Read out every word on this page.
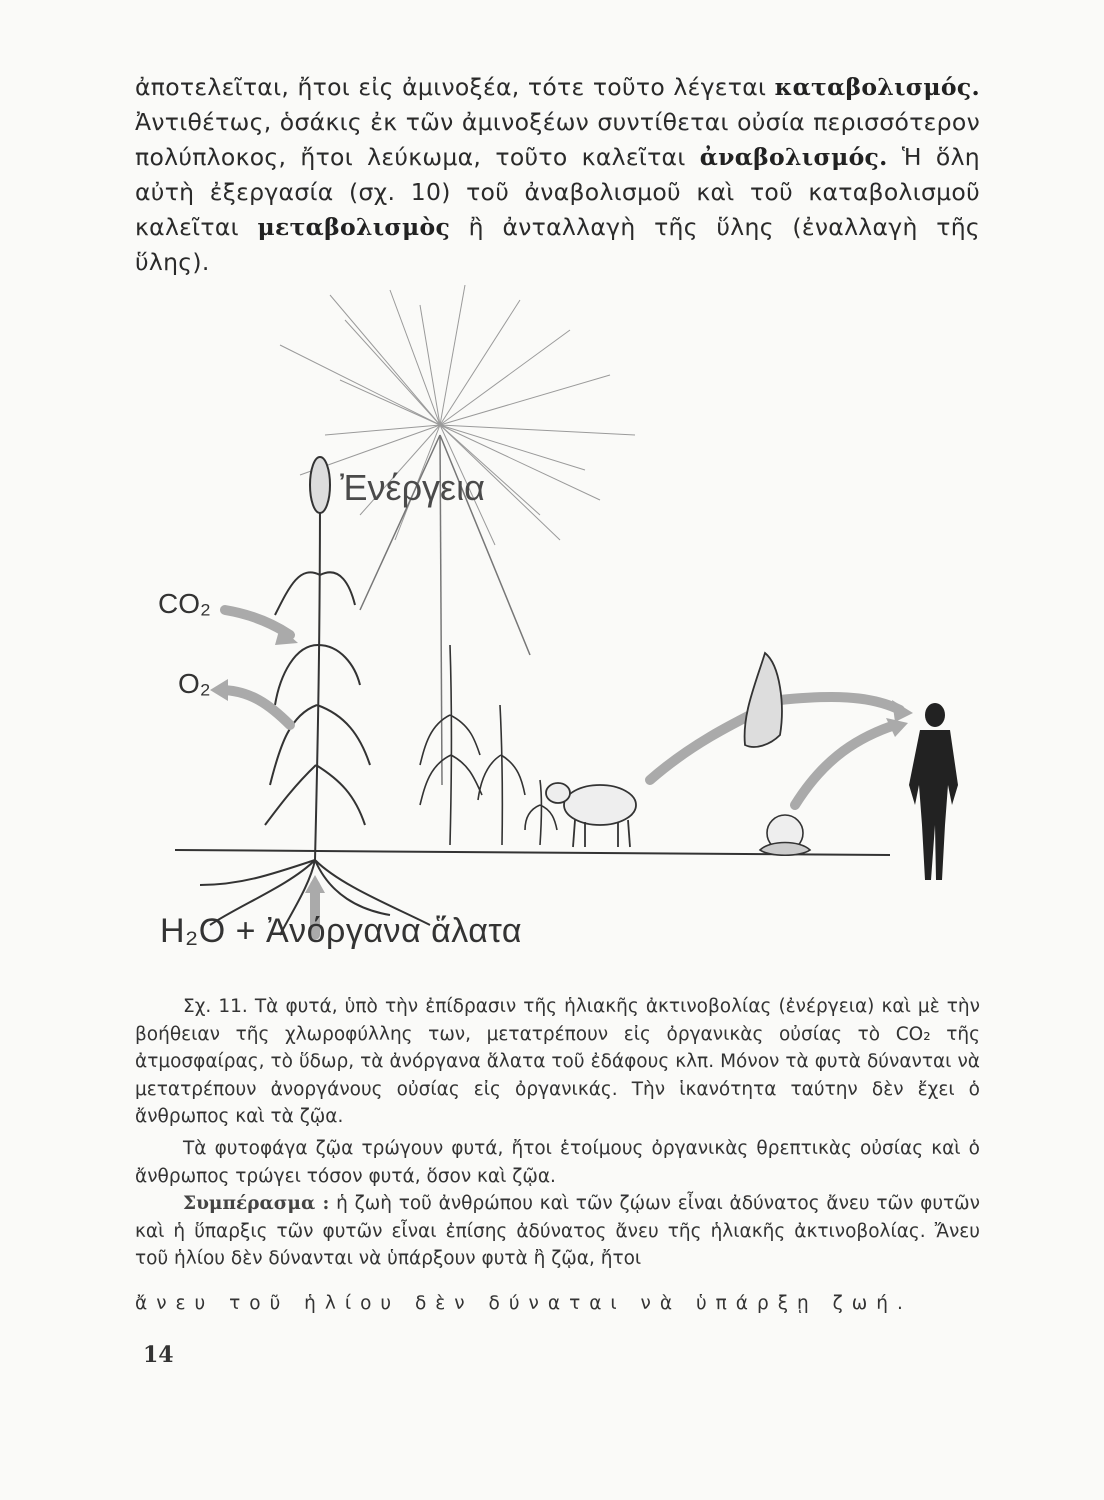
ἀποτελεῖται, ἤτοι εἰς ἀμινοξέα, τότε τοῦτο λέγεται καταβολισμός. Ἀντιθέτως, ὁσάκις ἐκ τῶν ἀμινοξέων συντίθεται οὐσία περισσότερον πολύπλοκος, ἤτοι λεύκωμα, τοῦτο καλεῖται ἀναβολισμός. Ἡ ὅλη αὐτὴ ἐξεργασία (σχ. 10) τοῦ ἀναβολισμοῦ καὶ τοῦ καταβολισμοῦ καλεῖται μεταβολισμὸς ἢ ἀνταλλαγὴ τῆς ὕλης (ἐναλλαγὴ τῆς ὕλης).
Ἐνέργεια
CO₂
O₂
H₂O + Ἀνόργανα ἅλατα
Σχ. 11. Τὰ φυτά, ὑπὸ τὴν ἐπίδρασιν τῆς ἡλιακῆς ἀκτινοβολίας (ἐνέργεια) καὶ μὲ τὴν βοήθειαν τῆς χλωροφύλλης των, μετατρέπουν εἰς ὀργανικὰς οὐσίας τὸ CO₂ τῆς ἀτμοσφαίρας, τὸ ὕδωρ, τὰ ἀνόργανα ἅλατα τοῦ ἐδάφους κλπ. Μόνον τὰ φυτὰ δύνανται νὰ μετατρέπουν ἀνοργάνους οὐσίας εἰς ὀργανικάς. Τὴν ἱκανότητα ταύτην δὲν ἔχει ὁ ἄνθρωπος καὶ τὰ ζῷα.
Τὰ φυτοφάγα ζῷα τρώγουν φυτά, ἤτοι ἑτοίμους ὀργανικὰς θρεπτικὰς οὐσίας καὶ ὁ ἄνθρωπος τρώγει τόσον φυτά, ὅσον καὶ ζῷα.
Συμπέρασμα : ἡ ζωὴ τοῦ ἀνθρώπου καὶ τῶν ζῴων εἶναι ἀδύνατος ἄνευ τῶν φυτῶν καὶ ἡ ὕπαρξις τῶν φυτῶν εἶναι ἐπίσης ἀδύνατος ἄνευ τῆς ἡλιακῆς ἀκτινοβολίας. Ἄνευ τοῦ ἡλίου δὲν δύνανται νὰ ὑπάρξουν φυτὰ ἢ ζῷα, ἤτοι
ἄνευ τοῦ ἡλίου δὲν δύναται νὰ ὑπάρξῃ ζωή.
14
